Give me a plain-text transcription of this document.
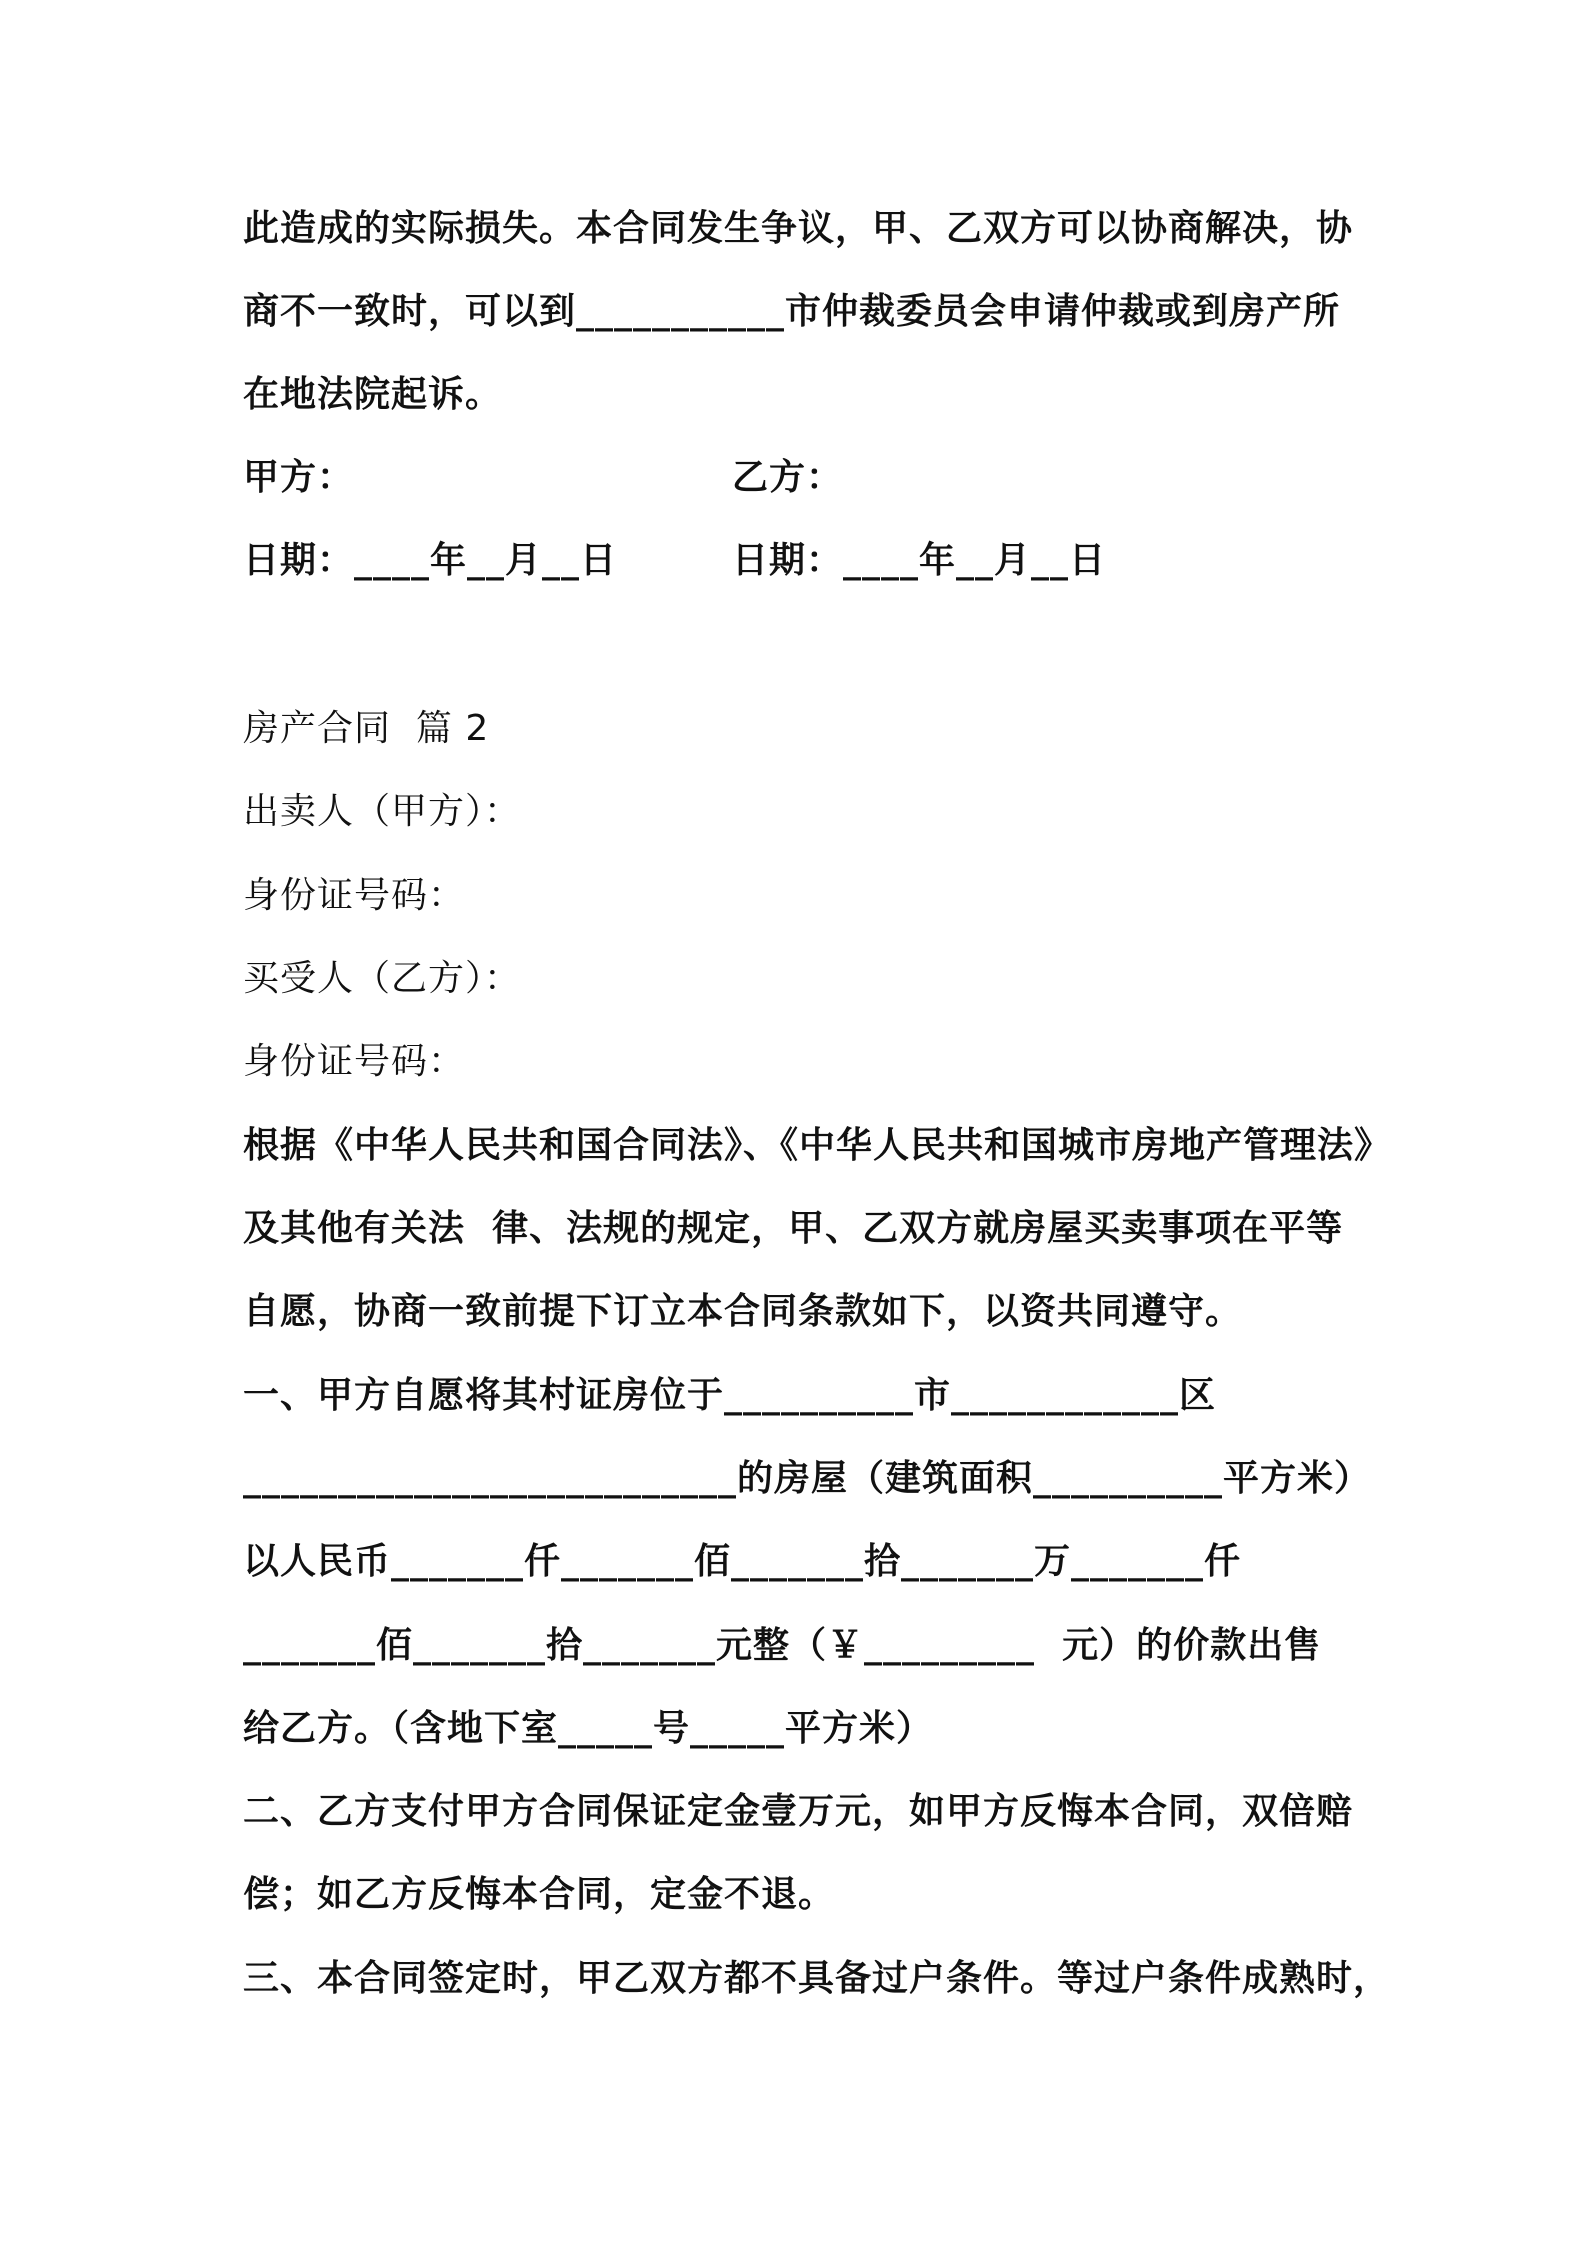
此造成的实际损失。本合同发生争议，甲、乙双方可以协商解决，协
商不一致时，可以到___________市仲裁委员会申请仲裁或到房产所
在地法院起诉。
甲方：	乙方：
日期：____年__月__日	日期：____年__月__日
房产合同  篇 2
出卖人（甲方）：
身份证号码：
买受人（乙方）：
身份证号码：
根据《中华人民共和国合同法》、《中华人民共和国城市房地产管理法》
及其他有关法  律、法规的规定，甲、乙双方就房屋买卖事项在平等
自愿，协商一致前提下订立本合同条款如下，以资共同遵守。
一、甲方自愿将其村证房位于__________市____________区
__________________________的房屋（建筑面积__________平方米）
以人民币_______仟_______佰_______拾_______万_______仟
_______佰_______拾_______元整（￥_________  元）的价款出售
给乙方。（含地下室_____号_____平方米）
二、乙方支付甲方合同保证定金壹万元，如甲方反悔本合同，双倍赔
偿；如乙方反悔本合同，定金不退。
三、本合同签定时，甲乙双方都不具备过户条件。等过户条件成熟时，
